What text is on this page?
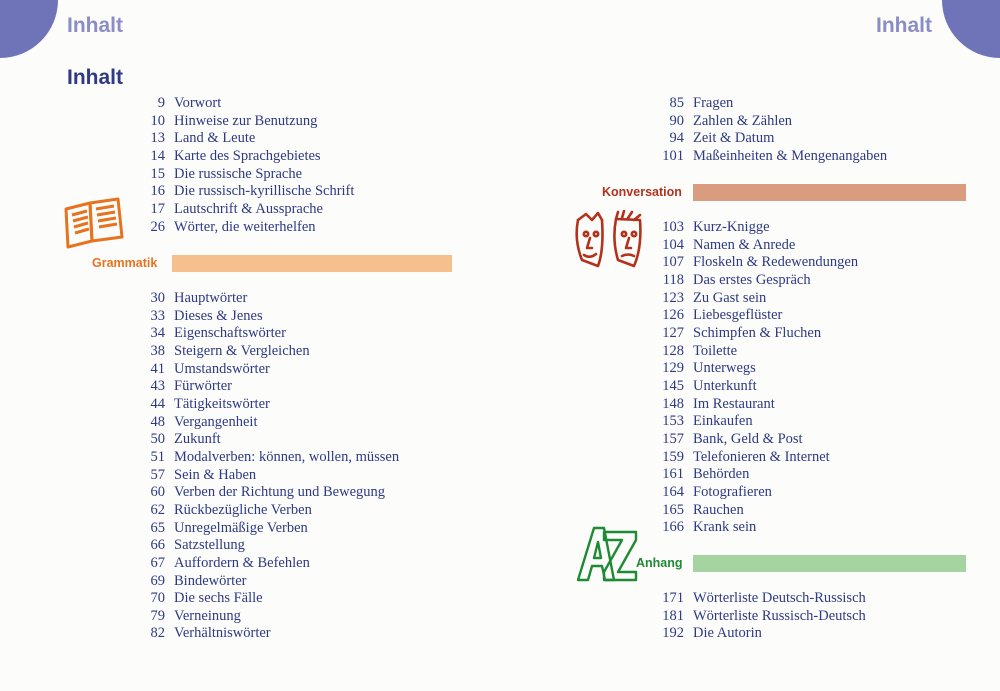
Inhalt	Inhalt
Inhalt
9 Vorwort
10 Hinweise zur Benutzung
13 Land & Leute
14 Karte des Sprachgebietes
15 Die russische Sprache
16 Die russisch-kyrillische Schrift
17 Lautschrift & Aussprache
26 Wörter, die weiterhelfen
Grammatik
30 Hauptwörter
33 Dieses & Jenes
34 Eigenschaftswörter
38 Steigern & Vergleichen
41 Umstandswörter
43 Fürwörter
44 Tätigkeitswörter
48 Vergangenheit
50 Zukunft
51 Modalverben: können, wollen, müssen
57 Sein & Haben
60 Verben der Richtung und Bewegung
62 Rückbezügliche Verben
65 Unregelmäßige Verben
66 Satzstellung
67 Auffordern & Befehlen
69 Bindewörter
70 Die sechs Fälle
79 Verneinung
82 Verhältniswörter
85 Fragen
90 Zahlen & Zählen
94 Zeit & Datum
101 Maßeinheiten & Mengenangaben
Konversation
103 Kurz-Knigge
104 Namen & Anrede
107 Floskeln & Redewendungen
118 Das erstes Gespräch
123 Zu Gast sein
126 Liebesgeflüster
127 Schimpfen & Fluchen
128 Toilette
129 Unterwegs
145 Unterkunft
148 Im Restaurant
153 Einkaufen
157 Bank, Geld & Post
159 Telefonieren & Internet
161 Behörden
164 Fotografieren
165 Rauchen
166 Krank sein
Anhang
171 Wörterliste Deutsch-Russisch
181 Wörterliste Russisch-Deutsch
192 Die Autorin
